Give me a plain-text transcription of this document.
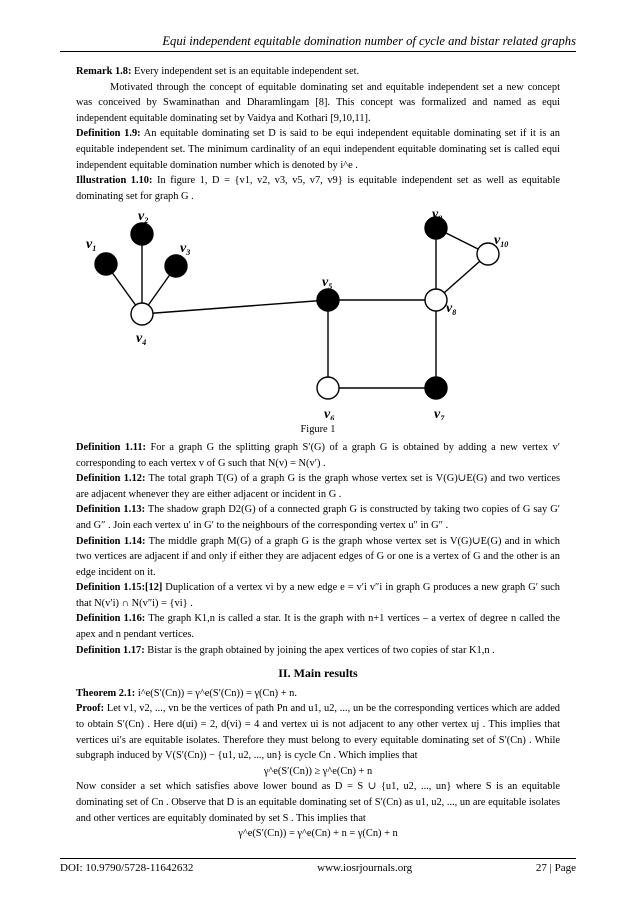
Equi independent equitable domination number of cycle and bistar related graphs

Remark 1.8: Every independent set is an equitable independent set.

Motivated through the concept of equitable dominating set and equitable independent set a new concept was conceived by Swaminathan and Dharamlingam [8]. This concept was formalized and named as equi independent equitable dominating set by Vaidya and Kothari [9,10,11].

Definition 1.9: An equitable dominating set D is said to be equi independent equitable dominating set if it is an equitable independent set. The minimum cardinality of an equi independent equitable dominating set is called equi independent equitable domination number which is denoted by i^e .

Illustration 1.10: In figure 1, D = {v1, v2, v3, v5, v7, v9} is equitable independent set as well as equitable dominating set for graph G .

$v_1$
$v_2$
$v_3$
$v_4$
$v_5$
$v_6$	$v_7$
$v_8$
$v_9$
$v_{10}$
Figure 1

Definition 1.11: For a graph G the splitting graph S′(G) of a graph G is obtained by adding a new vertex v′ corresponding to each vertex v of G such that N(v) = N(v′) .

Definition 1.12: The total graph T(G) of a graph G is the graph whose vertex set is V(G)∪E(G) and two vertices are adjacent whenever they are either adjacent or incident in G .

Definition 1.13: The shadow graph D2(G) of a connected graph G is constructed by taking two copies of G say G′ and G″ . Join each vertex u′ in G′ to the neighbours of the corresponding vertex u″ in G″ .

Definition 1.14: The middle graph M(G) of a graph G is the graph whose vertex set is V(G)∪E(G) and in which two vertices are adjacent if and only if either they are adjacent edges of G or one is a vertex of G and the other is an edge incident on it.

Definition 1.15:[12] Duplication of a vertex vi by a new edge e = v′i v″i in graph G produces a new graph G′ such that N(v′i) ∩ N(v″i) = {vi} .

Definition 1.16: The graph K1,n is called a star. It is the graph with n+1 vertices – a vertex of degree n called the apex and n pendant vertices.

Definition 1.17: Bistar is the graph obtained by joining the apex vertices of two copies of star K1,n .

II. Main results

Theorem 2.1: i^e(S′(Cn)) = γ^e(S′(Cn)) = γ(Cn) + n.

Proof: Let v1, v2, ..., vn be the vertices of path Pn and u1, u2, ..., un be the corresponding vertices which are added to obtain S′(Cn) . Here d(ui) = 2, d(vi) = 4 and vertex ui is not adjacent to any other vertex uj . This implies that vertices ui′s are equitable isolates. Therefore they must belong to every equitable dominating set of S′(Cn) . While subgraph induced by V(S′(Cn)) − {u1, u2, ..., un} is cycle Cn . Which implies that

γ^e(S′(Cn)) ≥ γ^e(Cn) + n

Now consider a set which satisfies above lower bound as D = S ∪ {u1, u2, ..., un} where S is an equitable dominating set of Cn . Observe that D is an equitable dominating set of S′(Cn) as u1, u2, ..., un are equitable isolates and other vertices are equitably dominated by set S . This implies that

γ^e(S′(Cn)) = γ^e(Cn) + n = γ(Cn) + n
DOI: 10.9790/5728-11642632	www.iosrjournals.org	27 | Page
